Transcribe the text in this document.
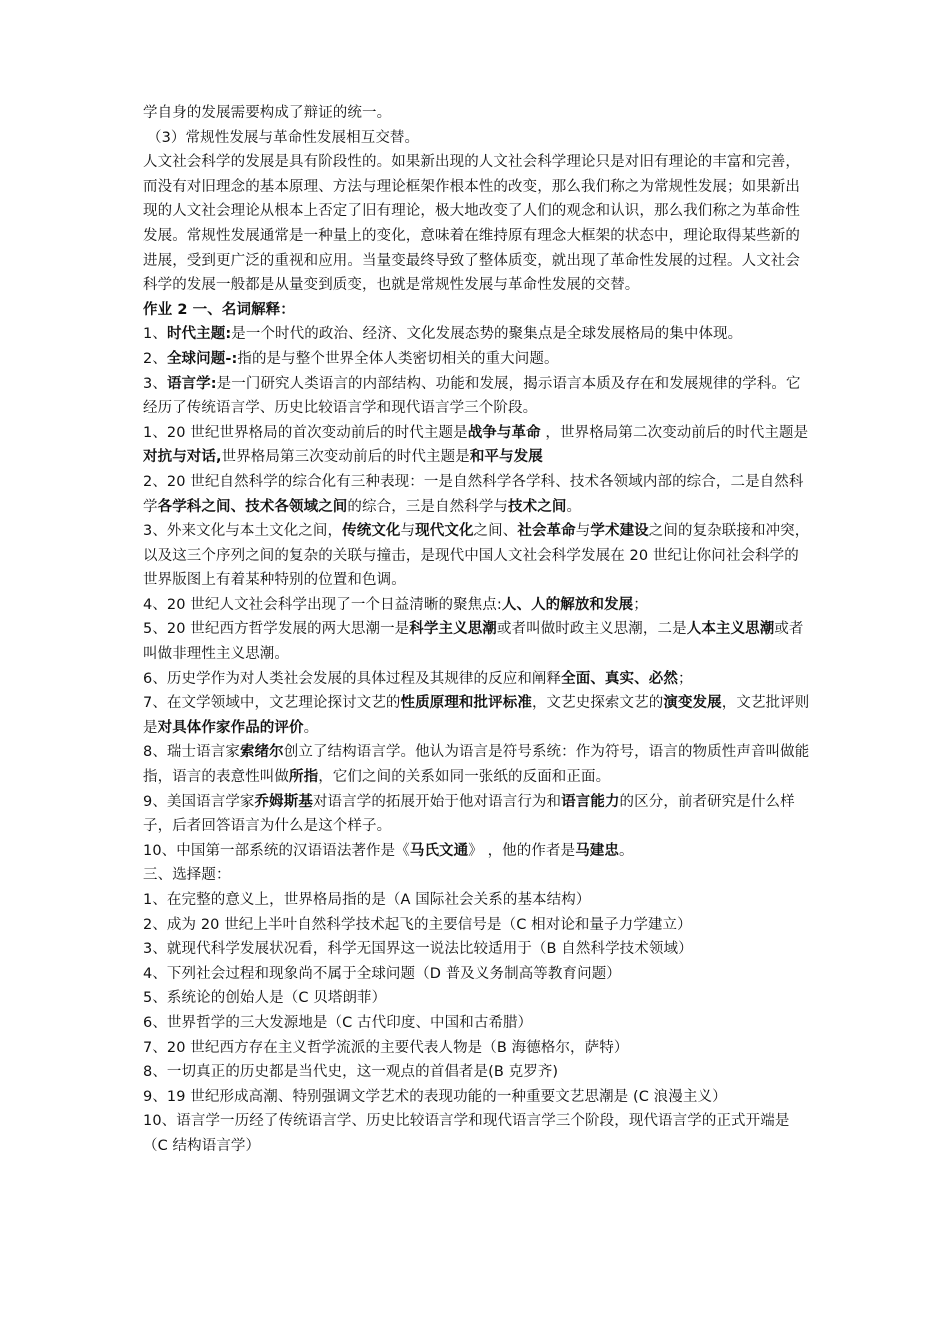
学自身的发展需要构成了辩证的统一。

（3）常规性发展与革命性发展相互交替。

人文社会科学的发展是具有阶段性的。如果新出现的人文社会科学理论只是对旧有理论的丰富和完善，而没有对旧理念的基本原理、方法与理论框架作根本性的改变，那么我们称之为常规性发展；如果新出现的人文社会理论从根本上否定了旧有理论，极大地改变了人们的观念和认识，那么我们称之为革命性发展。常规性发展通常是一种量上的变化，意味着在维持原有理念大框架的状态中，理论取得某些新的进展，受到更广泛的重视和应用。当量变最终导致了整体质变，就出现了革命性发展的过程。人文社会科学的发展一般都是从量变到质变，也就是常规性发展与革命性发展的交替。

作业 2 一、名词解释：

1、时代主题:是一个时代的政治、经济、文化发展态势的聚集点是全球发展格局的集中体现。

2、全球问题-:指的是与整个世界全体人类密切相关的重大问题。

3、语言学:是一门研究人类语言的内部结构、功能和发展，揭示语言本质及存在和发展规律的学科。它经历了传统语言学、历史比较语言学和现代语言学三个阶段。

1、20 世纪世界格局的首次变动前后的时代主题是战争与革命 ，世界格局第二次变动前后的时代主题是对抗与对话,世界格局第三次变动前后的时代主题是和平与发展

2、20 世纪自然科学的综合化有三种表现：一是自然科学各学科、技术各领域内部的综合，二是自然科学各学科之间、技术各领域之间的综合，三是自然科学与技术之间。

3、外来文化与本土文化之间，传统文化与现代文化之间、社会革命与学术建设之间的复杂联接和冲突，以及这三个序列之间的复杂的关联与撞击，是现代中国人文社会科学发展在 20 世纪让你问社会科学的世界版图上有着某种特别的位置和色调。

4、20 世纪人文社会科学出现了一个日益清晰的聚焦点:人、人的解放和发展；

5、20 世纪西方哲学发展的两大思潮一是科学主义思潮或者叫做时政主义思潮，二是人本主义思潮或者叫做非理性主义思潮。

6、历史学作为对人类社会发展的具体过程及其规律的反应和阐释全面、真实、必然；

7、在文学领域中，文艺理论探讨文艺的性质原理和批评标准，文艺史探索文艺的演变发展，文艺批评则是对具体作家作品的评价。

8、瑞士语言家索绪尔创立了结构语言学。他认为语言是符号系统：作为符号，语言的物质性声音叫做能指，语言的表意性叫做所指，它们之间的关系如同一张纸的反面和正面。

9、美国语言学家乔姆斯基对语言学的拓展开始于他对语言行为和语言能力的区分，前者研究是什么样子，后者回答语言为什么是这个样子。

10、中国第一部系统的汉语语法著作是《马氏文通》 ，他的作者是马建忠。

三、选择题：

1、在完整的意义上，世界格局指的是（A 国际社会关系的基本结构）

2、成为 20 世纪上半叶自然科学技术起飞的主要信号是（C 相对论和量子力学建立）

3、就现代科学发展状况看，科学无国界这一说法比较适用于（B 自然科学技术领域）

4、下列社会过程和现象尚不属于全球问题（D 普及义务制高等教育问题）

5、系统论的创始人是（C 贝塔朗菲）

6、世界哲学的三大发源地是（C 古代印度、中国和古希腊）

7、20 世纪西方存在主义哲学流派的主要代表人物是（B 海德格尔，萨特）

8、一切真正的历史都是当代史，这一观点的首倡者是(B 克罗齐)

9、19 世纪形成高潮、特别强调文学艺术的表现功能的一种重要文艺思潮是 (C 浪漫主义）

10、语言学一历经了传统语言学、历史比较语言学和现代语言学三个阶段，现代语言学的正式开端是（C 结构语言学）
